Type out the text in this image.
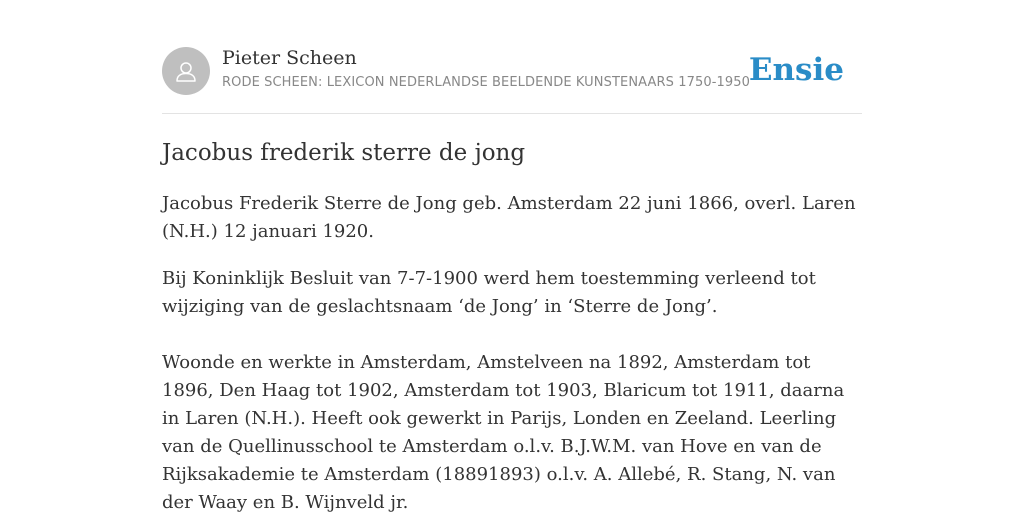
Pieter Scheen
RODE SCHEEN: LEXICON NEDERLANDSE BEELDENDE KUNSTENAARS 1750-1950
Ensie
Jacobus frederik sterre de jong

Jacobus Frederik Sterre de Jong geb. Amsterdam 22 juni 1866, overl. Laren (N.H.) 12 januari 1920.

Bij Koninklijk Besluit van 7-7-1900 werd hem toestemming verleend tot wijziging van de geslachtsnaam ‘de Jong’ in ‘Sterre de Jong’.

Woonde en werkte in Amsterdam, Amstelveen na 1892, Amsterdam tot 1896, Den Haag tot 1902, Amsterdam tot 1903, Blaricum tot 1911, daarna in Laren (N.H.). Heeft ook gewerkt in Parijs, Londen en Zeeland. Leerling van de Quellinusschool te Amsterdam o.l.v. B.J.W.M. van Hove en van de Rijksakademie te Amsterdam (18891893) o.l.v. A. Allebé, R. Stang, N. van der Waay en B. Wijnveld jr.
